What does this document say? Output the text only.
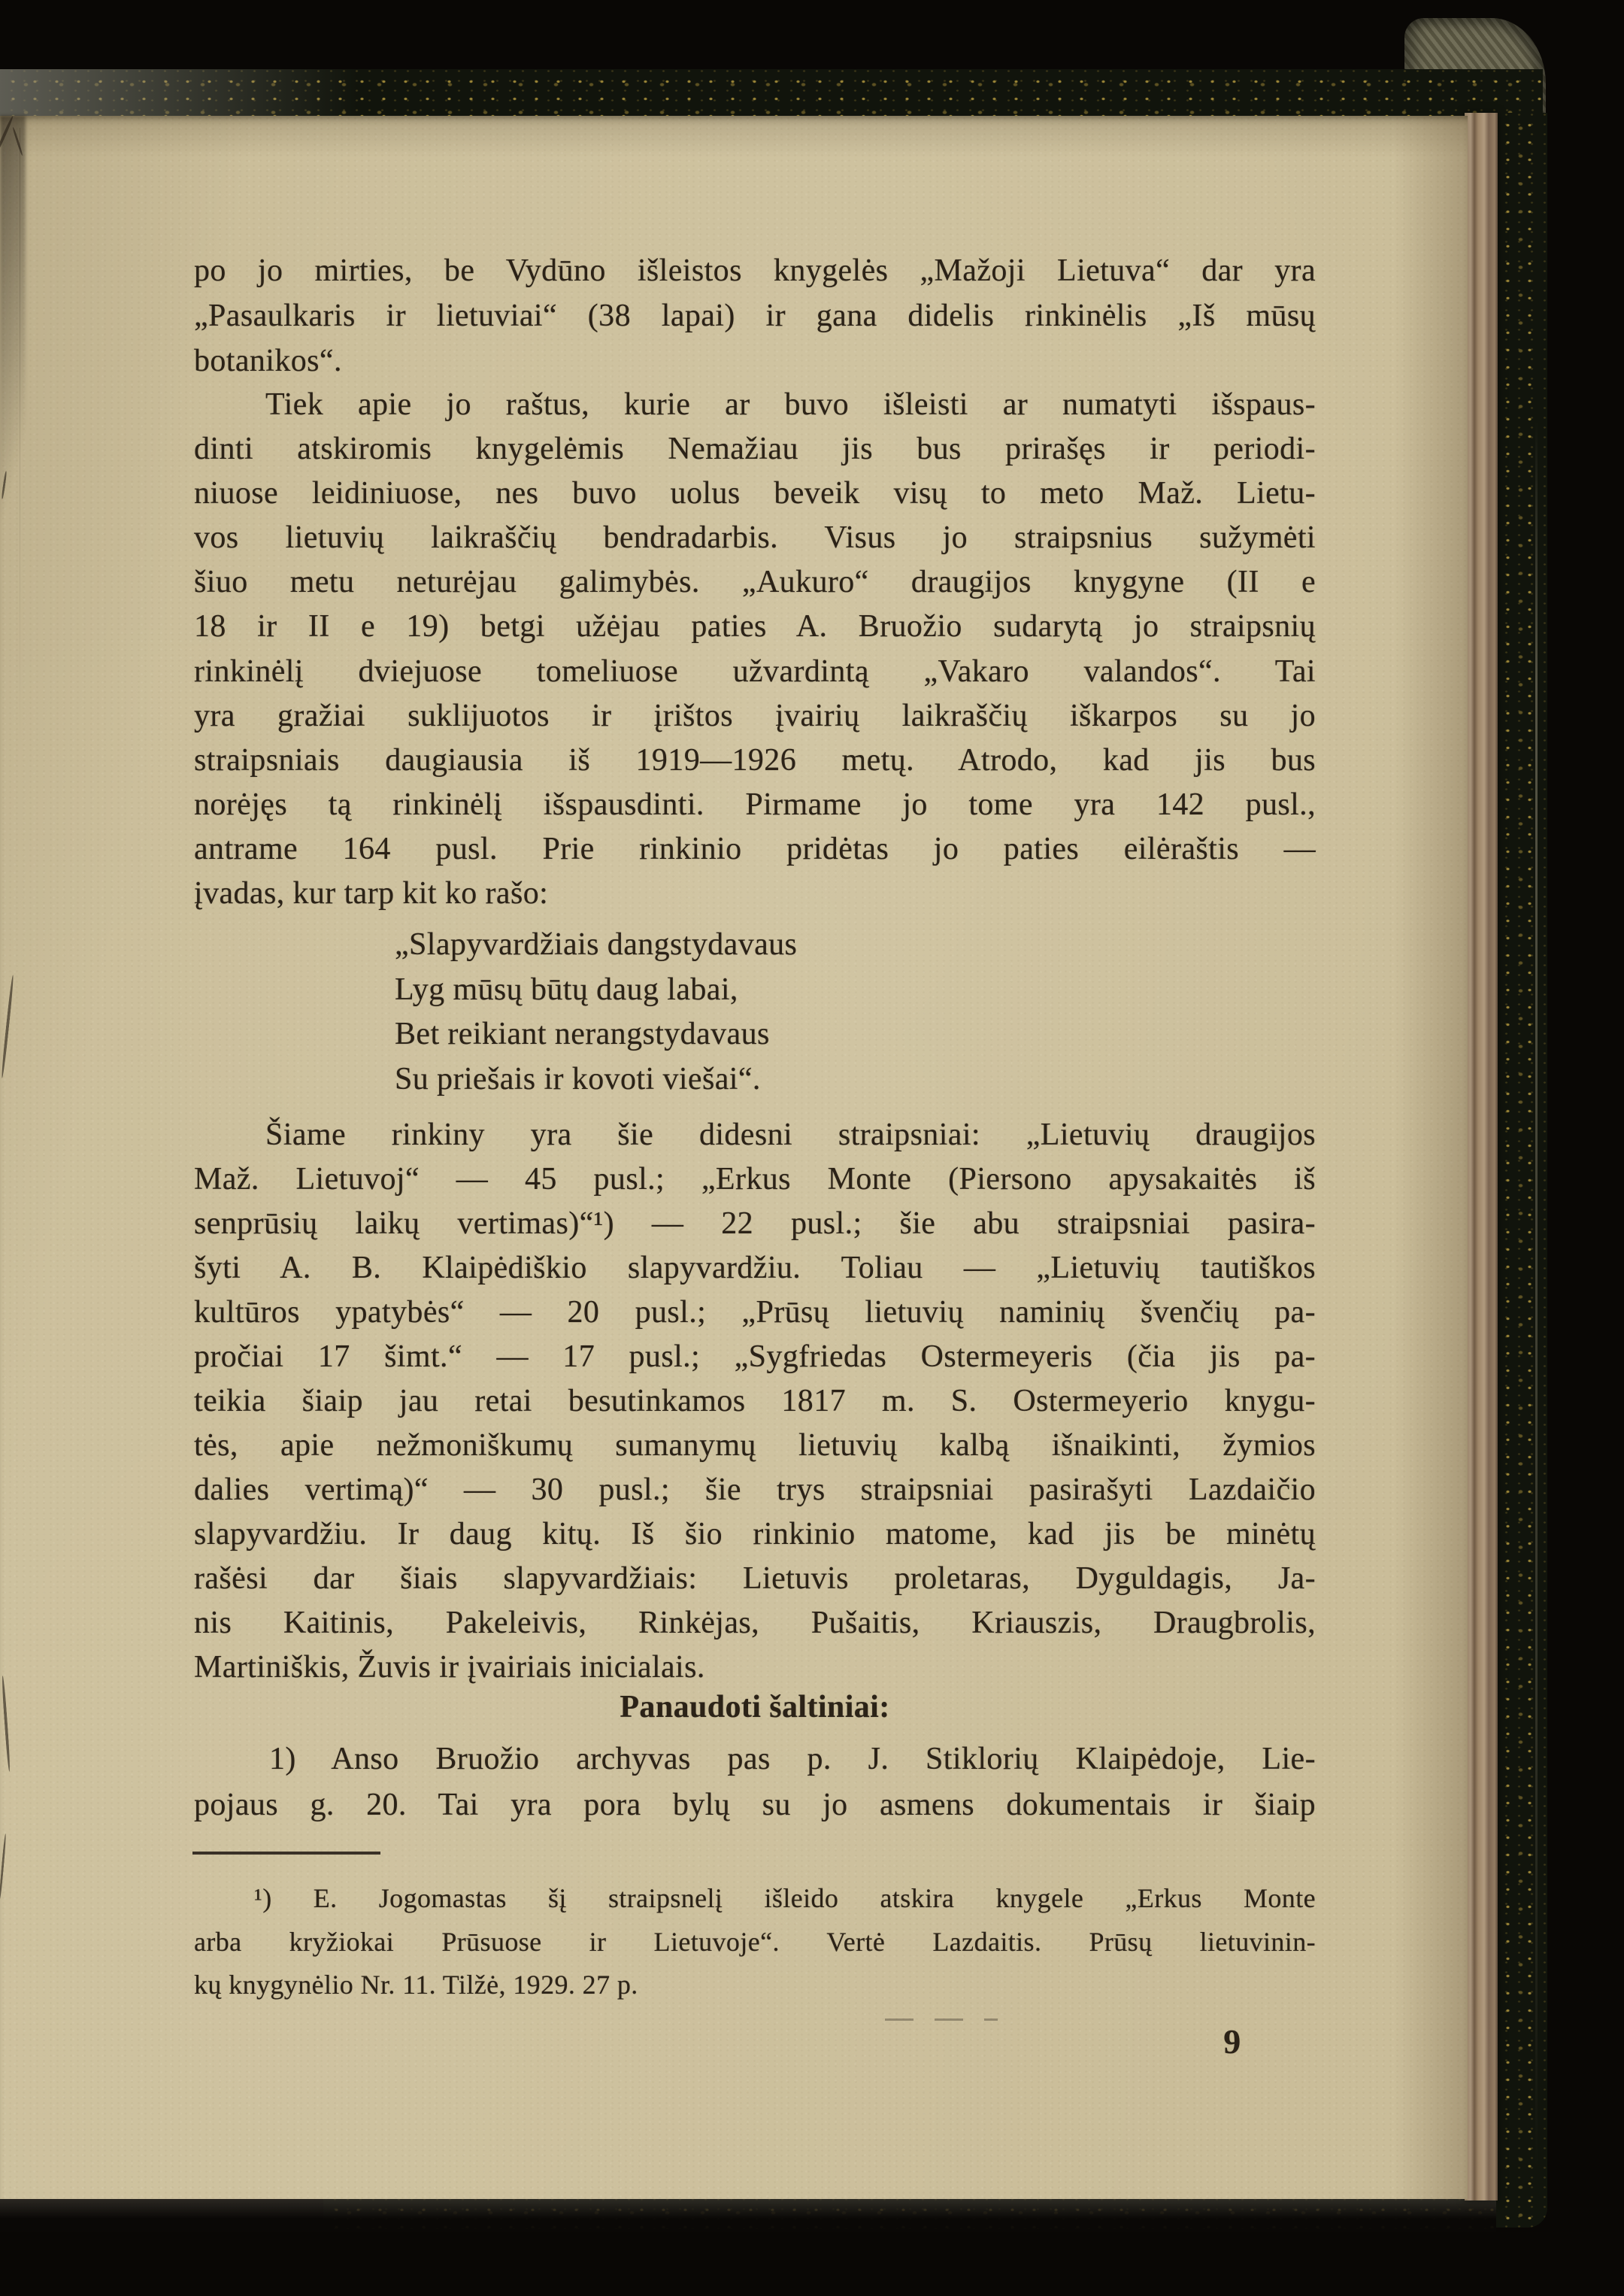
po jo mirties, be Vydūno išleistos knygelės „Mažoji Lietuva“ dar yra
„Pasaulkaris ir lietuviai“ (38 lapai) ir gana didelis rinkinėlis „Iš mūsų
botanikos“.
Tiek apie jo raštus, kurie ar buvo išleisti ar numatyti išspaus-
dinti atskiromis knygelėmis Nemažiau jis bus prirašęs ir periodi-
niuose leidiniuose, nes buvo uolus beveik visų to meto Maž. Lietu-
vos lietuvių laikraščių bendradarbis. Visus jo straipsnius sužymėti
šiuo metu neturėjau galimybės. „Aukuro“ draugijos knygyne (II e
18 ir II e 19) betgi užėjau paties A. Bruožio sudarytą jo straipsnių
rinkinėlį dviejuose tomeliuose užvardintą „Vakaro valandos“. Tai
yra gražiai suklijuotos ir įrištos įvairių laikraščių iškarpos su jo
straipsniais daugiausia iš 1919—1926 metų. Atrodo, kad jis bus
norėjęs tą rinkinėlį išspausdinti. Pirmame jo tome yra 142 pusl.,
antrame 164 pusl. Prie rinkinio pridėtas jo paties eilėraštis —
įvadas, kur tarp kit ko rašo:
„Slapyvardžiais dangstydavaus
Lyg mūsų būtų daug labai,
Bet reikiant nerangstydavaus
Su priešais ir kovoti viešai“.
Šiame rinkiny yra šie didesni straipsniai: „Lietuvių draugijos
Maž. Lietuvoj“ — 45 pusl.; „Erkus Monte (Piersono apysakaitės iš
senprūsių laikų vertimas)“¹) — 22 pusl.; šie abu straipsniai pasira-
šyti A. B. Klaipėdiškio slapyvardžiu. Toliau — „Lietuvių tautiškos
kultūros ypatybės“ — 20 pusl.; „Prūsų lietuvių naminių švenčių pa-
pročiai 17 šimt.“ — 17 pusl.; „Sygfriedas Ostermeyeris (čia jis pa-
teikia šiaip jau retai besutinkamos 1817 m. S. Ostermeyerio knygu-
tės, apie nežmoniškumų sumanymų lietuvių kalbą išnaikinti, žymios
dalies vertimą)“ — 30 pusl.; šie trys straipsniai pasirašyti Lazdaičio
slapyvardžiu. Ir daug kitų. Iš šio rinkinio matome, kad jis be minėtų
rašėsi dar šiais slapyvardžiais: Lietuvis proletaras, Dyguldagis, Ja-
nis Kaitinis, Pakeleivis, Rinkėjas, Pušaitis, Kriauszis, Draugbrolis,
Martiniškis, Žuvis ir įvairiais inicialais.
Panaudoti šaltiniai:
1) Anso Bruožio archyvas pas p. J. Stiklorių Klaipėdoje, Lie-
pojaus g. 20. Tai yra pora bylų su jo asmens dokumentais ir šiaip
¹) E. Jogomastas šį straipsnelį išleido atskira knygele „Erkus Monte
arba kryžiokai Prūsuose ir Lietuvoje“. Vertė Lazdaitis. Prūsų lietuvinin-
kų knygynėlio Nr. 11. Tilžė, 1929. 27 p.
9
